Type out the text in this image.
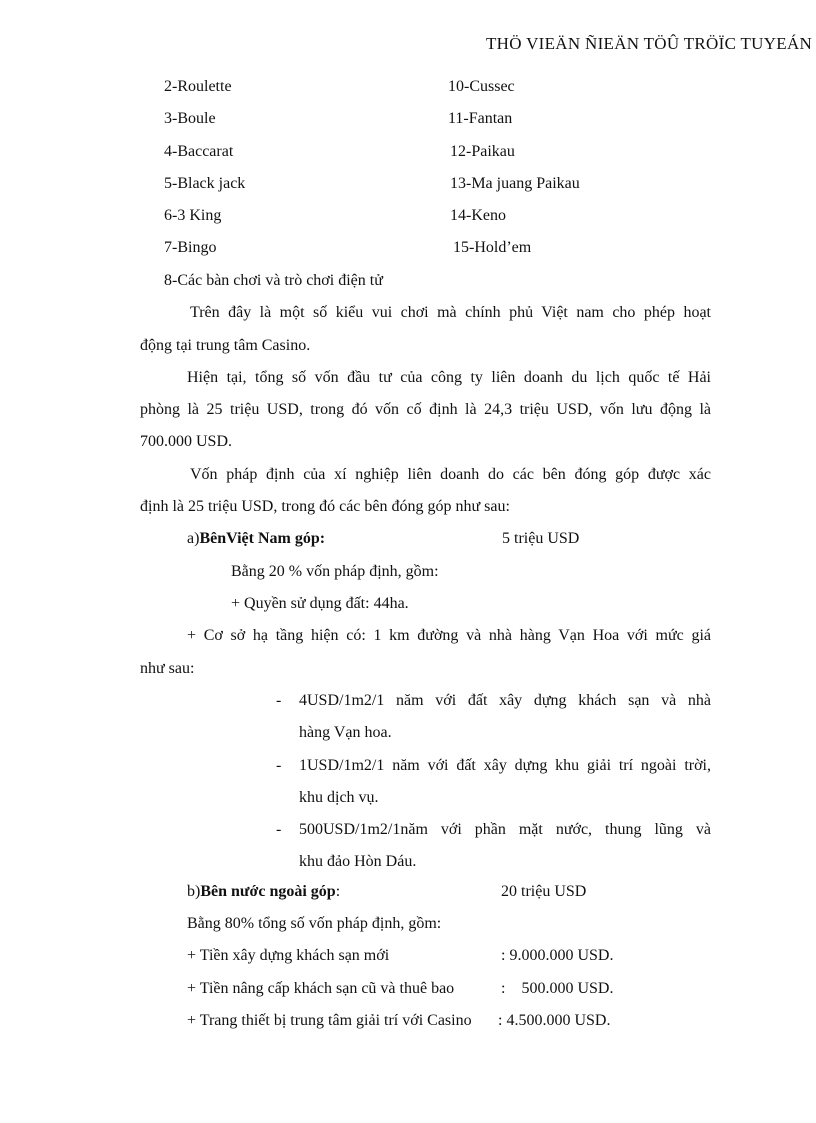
THÖ VIEÄN ÑIEÄN TÖÛ TRÖÏC TUYEÁN
2-Roulette	10-Cussec
3-Boule	11-Fantan
4-Baccarat	12-Paikau
5-Black jack	13-Ma juang Paikau
6-3 King	14-Keno
7-Bingo	15-Hold’em
8-Các bàn chơi và trò chơi điện tử
Trên đây là một số kiểu vui chơi mà chính phủ Việt nam cho phép hoạt
động tại trung tâm Casino.
Hiện tại, tổng số vốn đầu tư của công ty liên doanh du lịch quốc tế Hải
phòng là 25 triệu USD, trong đó vốn cố định là 24,3 triệu USD, vốn lưu động là
700.000 USD.
Vốn pháp định của xí nghiệp liên doanh do các bên đóng góp được xác
định là 25 triệu USD, trong đó các bên đóng góp như sau:
a)BênViệt Nam góp:	5 triệu USD
Bằng 20 % vốn pháp định, gồm:
+ Quyền sử dụng đất: 44ha.
+ Cơ sở hạ tầng hiện có: 1 km đường và nhà hàng Vạn Hoa với mức giá
như sau:
- 4USD/1m2/1 năm với đất xây dựng khách sạn và nhà
hàng Vạn hoa.
- 1USD/1m2/1 năm với đất xây dựng khu giải trí ngoài trời,
khu dịch vụ.
- 500USD/1m2/1năm với phần mặt nước, thung lũng và
khu đảo Hòn Dáu.
b)Bên nước ngoài góp:	20 triệu USD
Bằng 80% tổng số vốn pháp định, gồm:
+ Tiền xây dựng khách sạn mới	: 9.000.000 USD.
+ Tiền nâng cấp khách sạn cũ và thuê bao	:    500.000 USD.
+ Trang thiết bị trung tâm giải trí với Casino : 4.500.000 USD.
